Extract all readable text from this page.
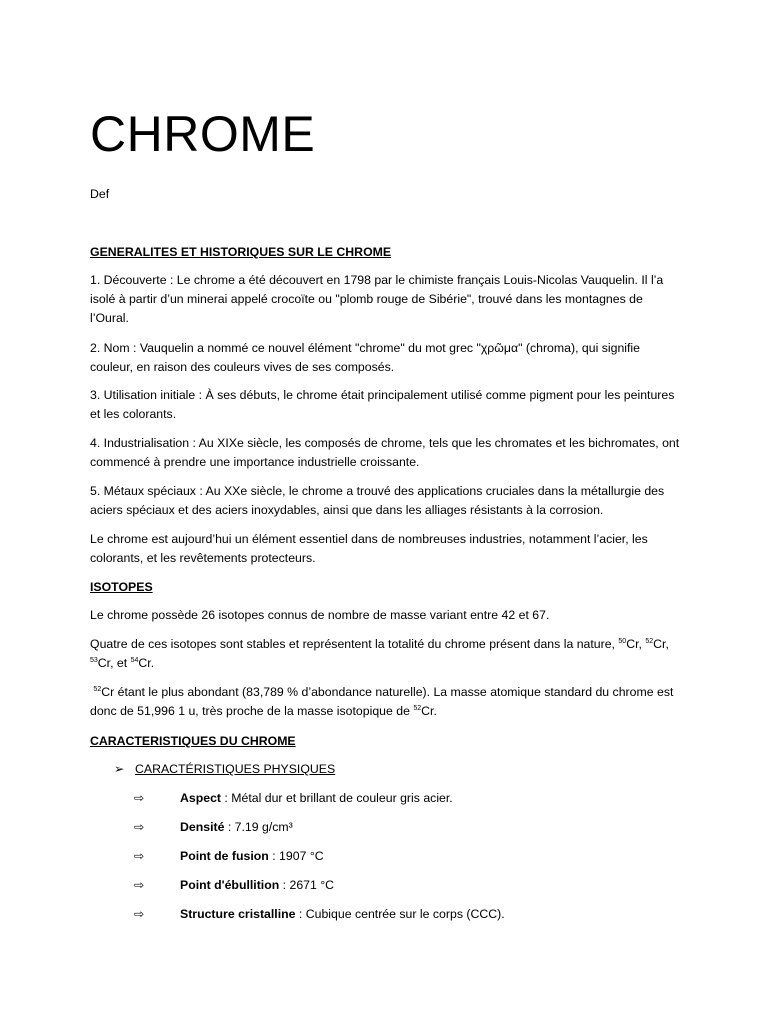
CHROME

Def

GENERALITES ET HISTORIQUES SUR LE CHROME

1. Découverte : Le chrome a été découvert en 1798 par le chimiste français Louis-Nicolas Vauquelin. Il l’a isolé à partir d’un minerai appelé crocoïte ou "plomb rouge de Sibérie", trouvé dans les montagnes de l’Oural.

2. Nom : Vauquelin a nommé ce nouvel élément "chrome" du mot grec "χρῶμα" (chroma), qui signifie couleur, en raison des couleurs vives de ses composés.

3. Utilisation initiale : À ses débuts, le chrome était principalement utilisé comme pigment pour les peintures et les colorants.

4. Industrialisation : Au XIXe siècle, les composés de chrome, tels que les chromates et les bichromates, ont commencé à prendre une importance industrielle croissante.

5. Métaux spéciaux : Au XXe siècle, le chrome a trouvé des applications cruciales dans la métallurgie des aciers spéciaux et des aciers inoxydables, ainsi que dans les alliages résistants à la corrosion.

Le chrome est aujourd’hui un élément essentiel dans de nombreuses industries, notamment l’acier, les colorants, et les revêtements protecteurs.

ISOTOPES

Le chrome possède 26 isotopes connus de nombre de masse variant entre 42 et 67.

Quatre de ces isotopes sont stables et représentent la totalité du chrome présent dans la nature, $^{50}$Cr, $^{52}$Cr, $^{53}$Cr, et $^{54}$Cr.

$^{52}$Cr étant le plus abondant (83,789 % d’abondance naturelle). La masse atomique standard du chrome est donc de 51,996 1 u, très proche de la masse isotopique de $^{52}$Cr.

CARACTERISTIQUES DU CHROME

➢ CARACTÉRISTIQUES PHYSIQUES
⇨	Aspect : Métal dur et brillant de couleur gris acier.
⇨	Densité : 7.19 g/cm³
⇨	Point de fusion : 1907 °C
⇨	Point d'ébullition : 2671 °C
⇨	Structure cristalline : Cubique centrée sur le corps (CCC).
